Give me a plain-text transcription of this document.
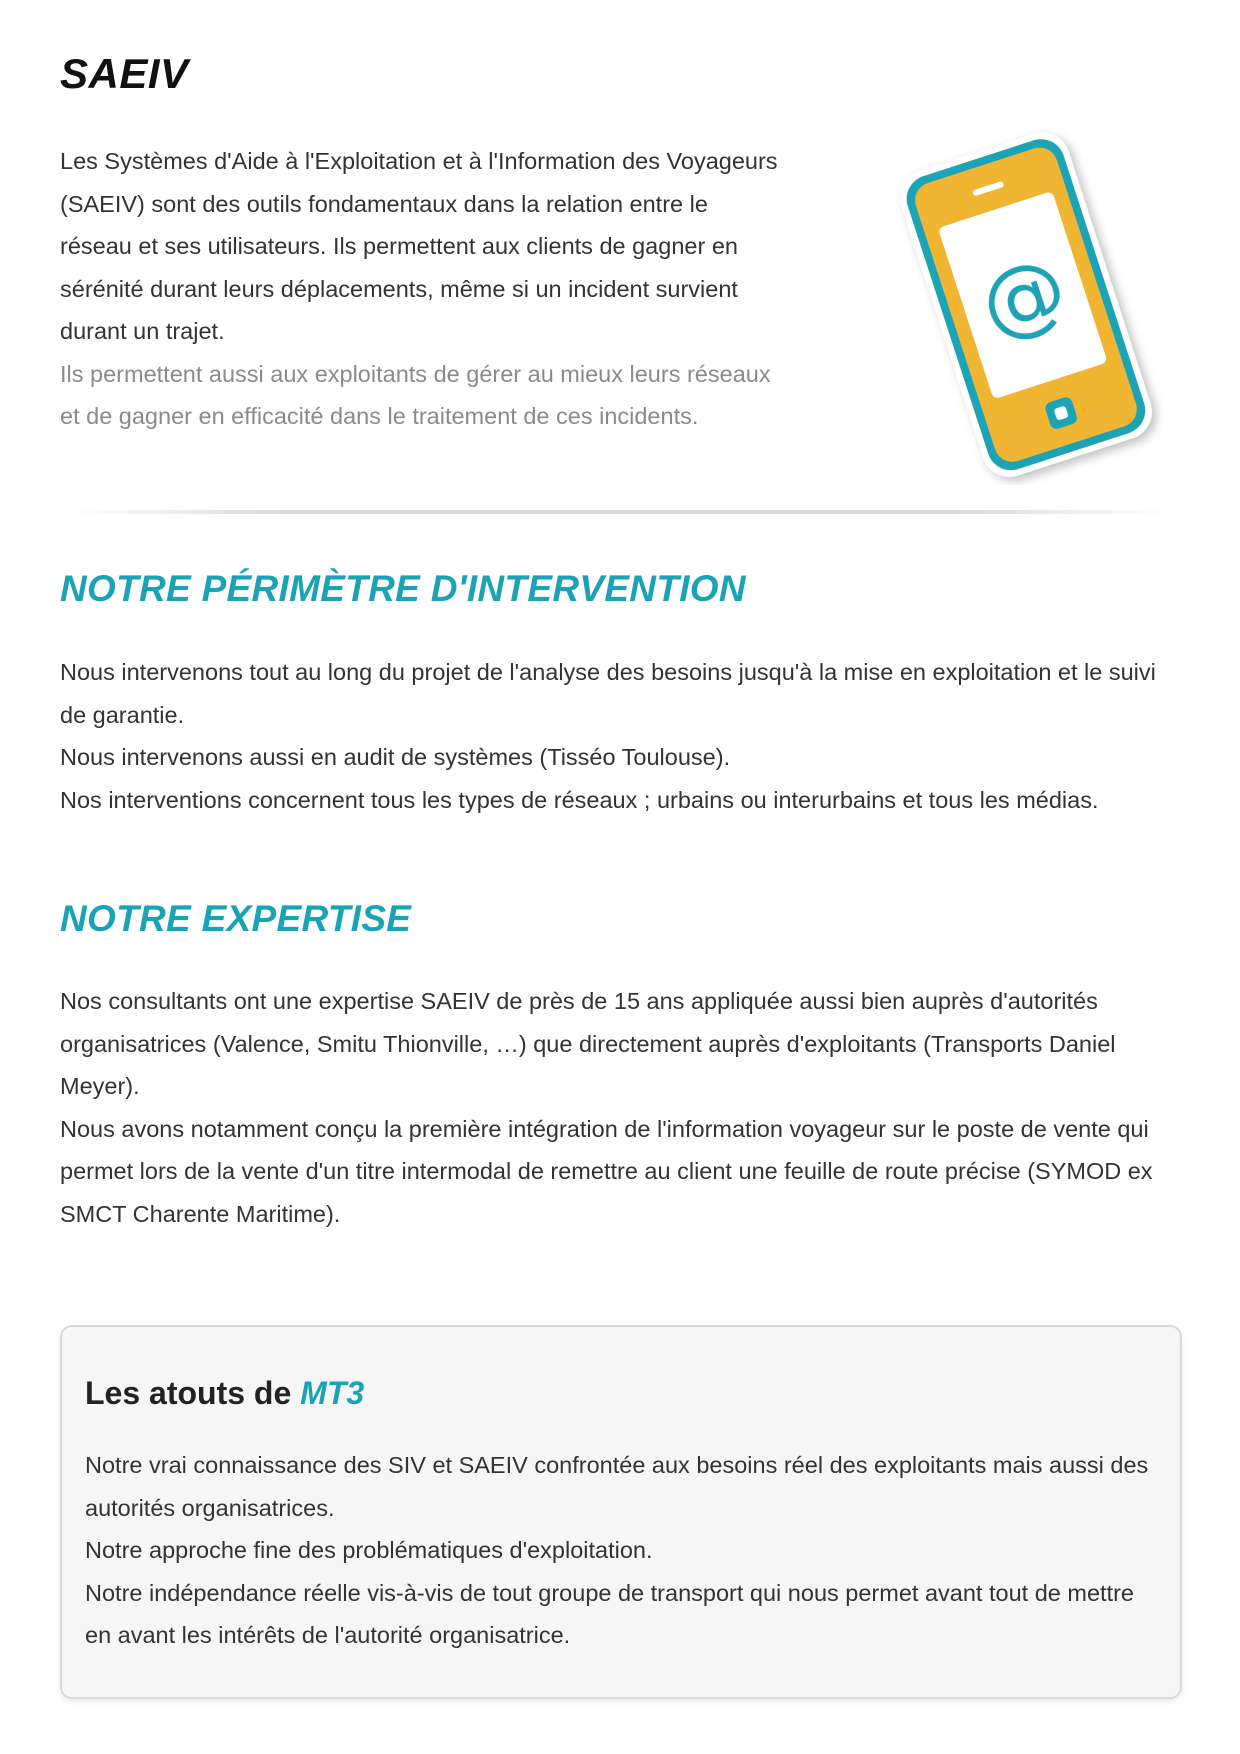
SAEIV

Les Systèmes d'Aide à l'Exploitation et à l'Information des Voyageurs (SAEIV) sont des outils fondamentaux dans la relation entre le réseau et ses utilisateurs. Ils permettent aux clients de gagner en sérénité durant leurs déplacements, même si un incident survient durant un trajet.

Ils permettent aussi aux exploitants de gérer au mieux leurs réseaux et de gagner en efficacité dans le traitement de ces incidents.

@
NOTRE PÉRIMÈTRE D'INTERVENTION

Nous intervenons tout au long du projet de l'analyse des besoins jusqu'à la mise en exploitation et le suivi de garantie.

Nous intervenons aussi en audit de systèmes (Tisséo Toulouse).

Nos interventions concernent tous les types de réseaux ; urbains ou interurbains et tous les médias.

NOTRE EXPERTISE

Nos consultants ont une expertise SAEIV de près de 15 ans appliquée aussi bien auprès d'autorités organisatrices (Valence, Smitu Thionville, …) que directement auprès d'exploitants (Transports Daniel Meyer).

Nous avons notamment conçu la première intégration de l'information voyageur sur le poste de vente qui permet lors de la vente d'un titre intermodal de remettre au client une feuille de route précise (SYMOD ex SMCT Charente Maritime).

Les atouts de MT3

Notre vrai connaissance des SIV et SAEIV confrontée aux besoins réel des exploitants mais aussi des autorités organisatrices.

Notre approche fine des problématiques d'exploitation.

Notre indépendance réelle vis-à-vis de tout groupe de transport qui nous permet avant tout de mettre en avant les intérêts de l'autorité organisatrice.
